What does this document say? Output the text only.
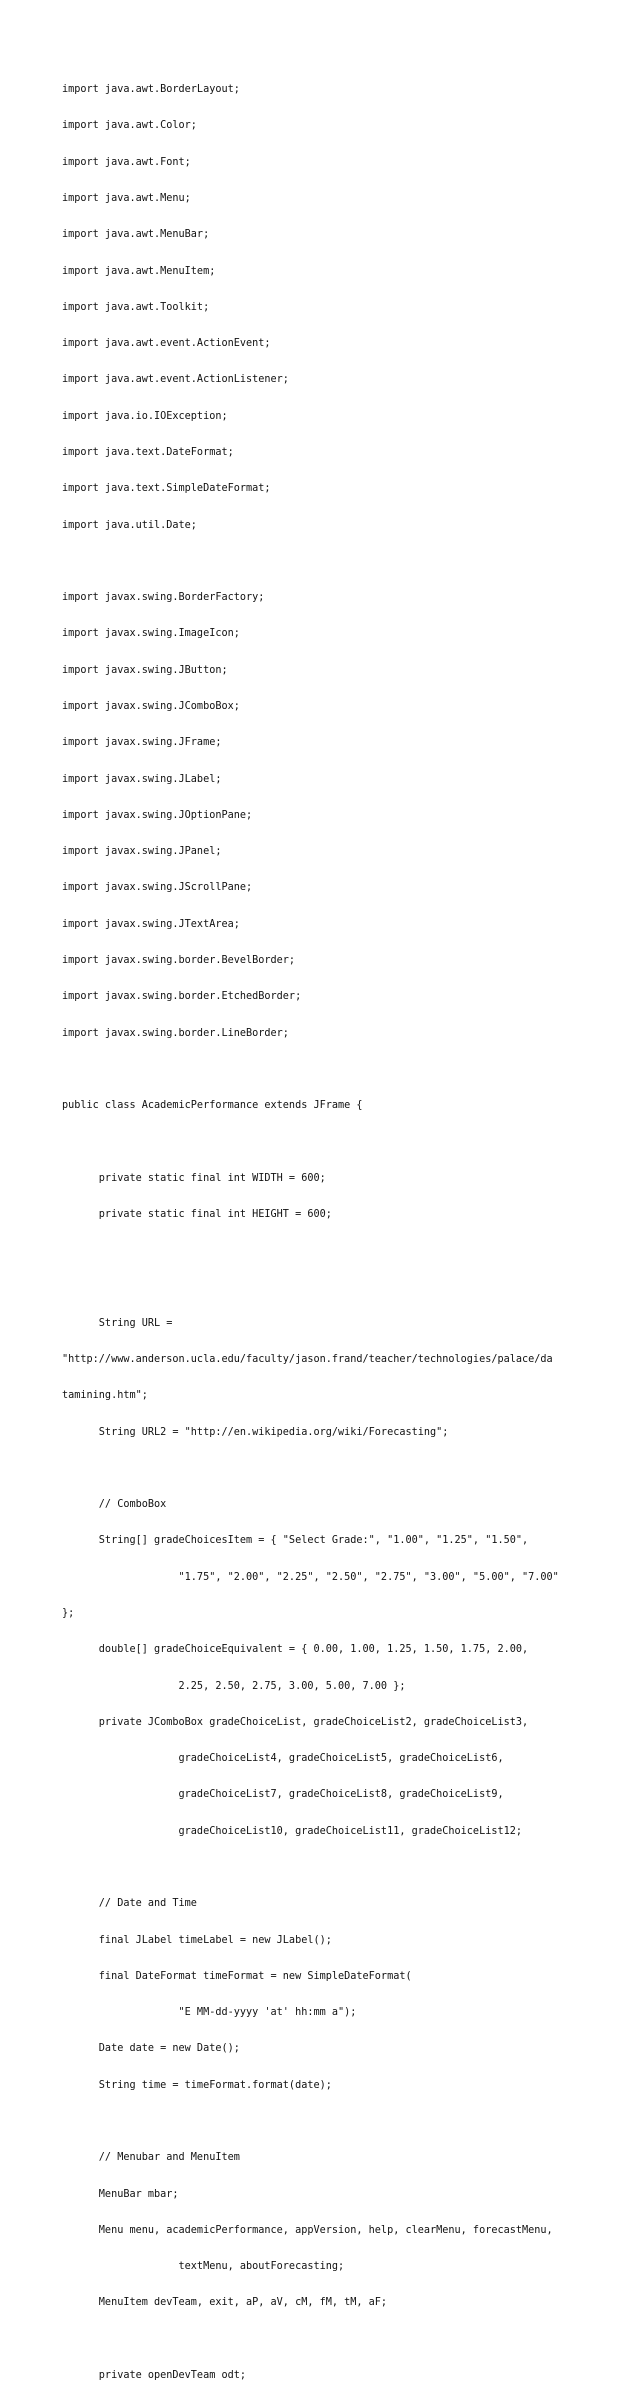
import java.awt.BorderLayout;

import java.awt.Color;

import java.awt.Font;

import java.awt.Menu;

import java.awt.MenuBar;

import java.awt.MenuItem;

import java.awt.Toolkit;

import java.awt.event.ActionEvent;

import java.awt.event.ActionListener;

import java.io.IOException;

import java.text.DateFormat;

import java.text.SimpleDateFormat;

import java.util.Date;

import javax.swing.BorderFactory;

import javax.swing.ImageIcon;

import javax.swing.JButton;

import javax.swing.JComboBox;

import javax.swing.JFrame;

import javax.swing.JLabel;

import javax.swing.JOptionPane;

import javax.swing.JPanel;

import javax.swing.JScrollPane;

import javax.swing.JTextArea;

import javax.swing.border.BevelBorder;

import javax.swing.border.EtchedBorder;

import javax.swing.border.LineBorder;

public class AcademicPerformance extends JFrame {

private static final int WIDTH = 600;

private static final int HEIGHT = 600;

String URL =

"http://www.anderson.ucla.edu/faculty/jason.frand/teacher/technologies/palace/da

tamining.htm";

String URL2 = "http://en.wikipedia.org/wiki/Forecasting";

// ComboBox

String[] gradeChoicesItem = { "Select Grade:", "1.00", "1.25", "1.50",

"1.75", "2.00", "2.25", "2.50", "2.75", "3.00", "5.00", "7.00"

};

double[] gradeChoiceEquivalent = { 0.00, 1.00, 1.25, 1.50, 1.75, 2.00,

2.25, 2.50, 2.75, 3.00, 5.00, 7.00 };

private JComboBox gradeChoiceList, gradeChoiceList2, gradeChoiceList3,

gradeChoiceList4, gradeChoiceList5, gradeChoiceList6,

gradeChoiceList7, gradeChoiceList8, gradeChoiceList9,

gradeChoiceList10, gradeChoiceList11, gradeChoiceList12;

// Date and Time

final JLabel timeLabel = new JLabel();

final DateFormat timeFormat = new SimpleDateFormat(

"E MM-dd-yyyy 'at' hh:mm a");

Date date = new Date();

String time = timeFormat.format(date);

// Menubar and MenuItem

MenuBar mbar;

Menu menu, academicPerformance, appVersion, help, clearMenu, forecastMenu,

textMenu, aboutForecasting;

MenuItem devTeam, exit, aP, aV, cM, fM, tM, aF;

private openDevTeam odt;
